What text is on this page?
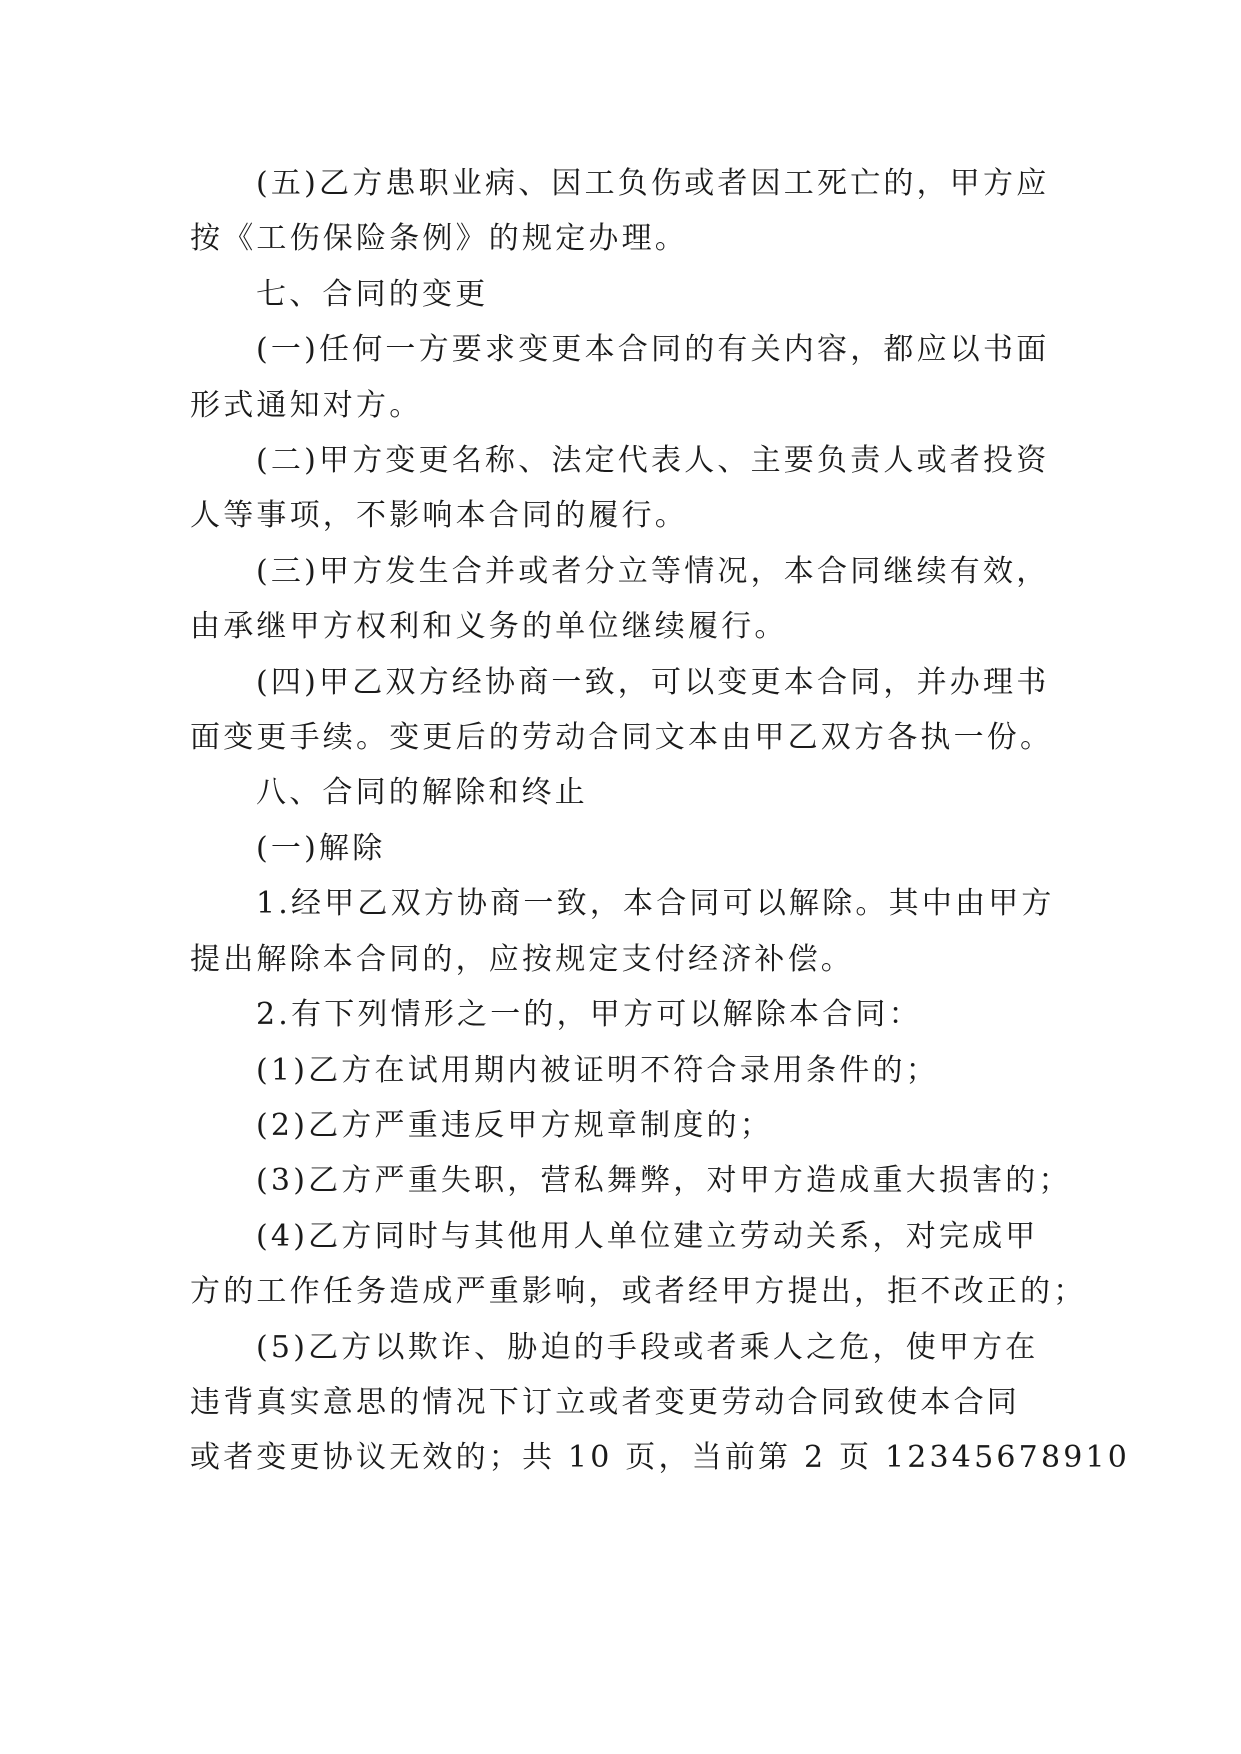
(五)乙方患职业病、因工负伤或者因工死亡的，甲方应

按《工伤保险条例》的规定办理。

七、合同的变更

(一)任何一方要求变更本合同的有关内容，都应以书面

形式通知对方。

(二)甲方变更名称、法定代表人、主要负责人或者投资

人等事项，不影响本合同的履行。

(三)甲方发生合并或者分立等情况，本合同继续有效，

由承继甲方权利和义务的单位继续履行。

(四)甲乙双方经协商一致，可以变更本合同，并办理书

面变更手续。变更后的劳动合同文本由甲乙双方各执一份。

八、合同的解除和终止

(一)解除

1.经甲乙双方协商一致，本合同可以解除。其中由甲方

提出解除本合同的，应按规定支付经济补偿。

2.有下列情形之一的，甲方可以解除本合同：

(1)乙方在试用期内被证明不符合录用条件的；

(2)乙方严重违反甲方规章制度的；

(3)乙方严重失职，营私舞弊，对甲方造成重大损害的；

(4)乙方同时与其他用人单位建立劳动关系，对完成甲

方的工作任务造成严重影响，或者经甲方提出，拒不改正的；

(5)乙方以欺诈、胁迫的手段或者乘人之危，使甲方在

违背真实意思的情况下订立或者变更劳动合同致使本合同

或者变更协议无效的；共 10 页，当前第 2 页 12345678910
